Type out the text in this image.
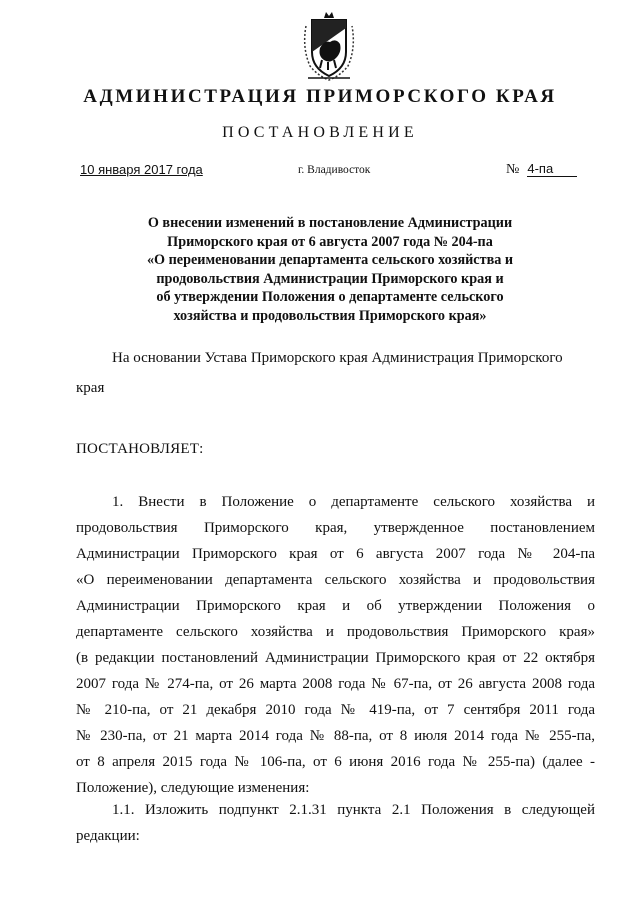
АДМИНИСТРАЦИЯ ПРИМОРСКОГО КРАЯ
ПОСТАНОВЛЕНИЕ
10 января 2017 года	г. Владивосток	№ 4-па
О внесении изменений в постановление Администрации
Приморского края от 6 августа 2007 года № 204-па
«О переименовании департамента сельского хозяйства и
продовольствия Администрации Приморского края и
об утверждении Положения о департаменте сельского
хозяйства и продовольствия Приморского края»
На основании Устава Приморского края Администрация Приморского
края
ПОСТАНОВЛЯЕТ:
1. Внести в Положение о департаменте сельского хозяйства и
продовольствия Приморского края, утвержденное постановлением
Администрации Приморского края от 6 августа 2007 года № 204-па
«О переименовании департамента сельского хозяйства и продовольствия
Администрации Приморского края и об утверждении Положения о
департаменте сельского хозяйства и продовольствия Приморского края»
(в редакции постановлений Администрации Приморского края от 22 октября
2007 года № 274-па, от 26 марта 2008 года № 67-па, от 26 августа 2008 года
№ 210-па, от 21 декабря 2010 года № 419-па, от 7 сентября 2011 года
№ 230-па, от 21 марта 2014 года № 88-па, от 8 июля 2014 года № 255-па,
от 8 апреля 2015 года № 106-па, от 6 июня 2016 года № 255-па) (далее -
Положение), следующие изменения:
1.1. Изложить подпункт 2.1.31 пункта 2.1 Положения в следующей
редакции:
